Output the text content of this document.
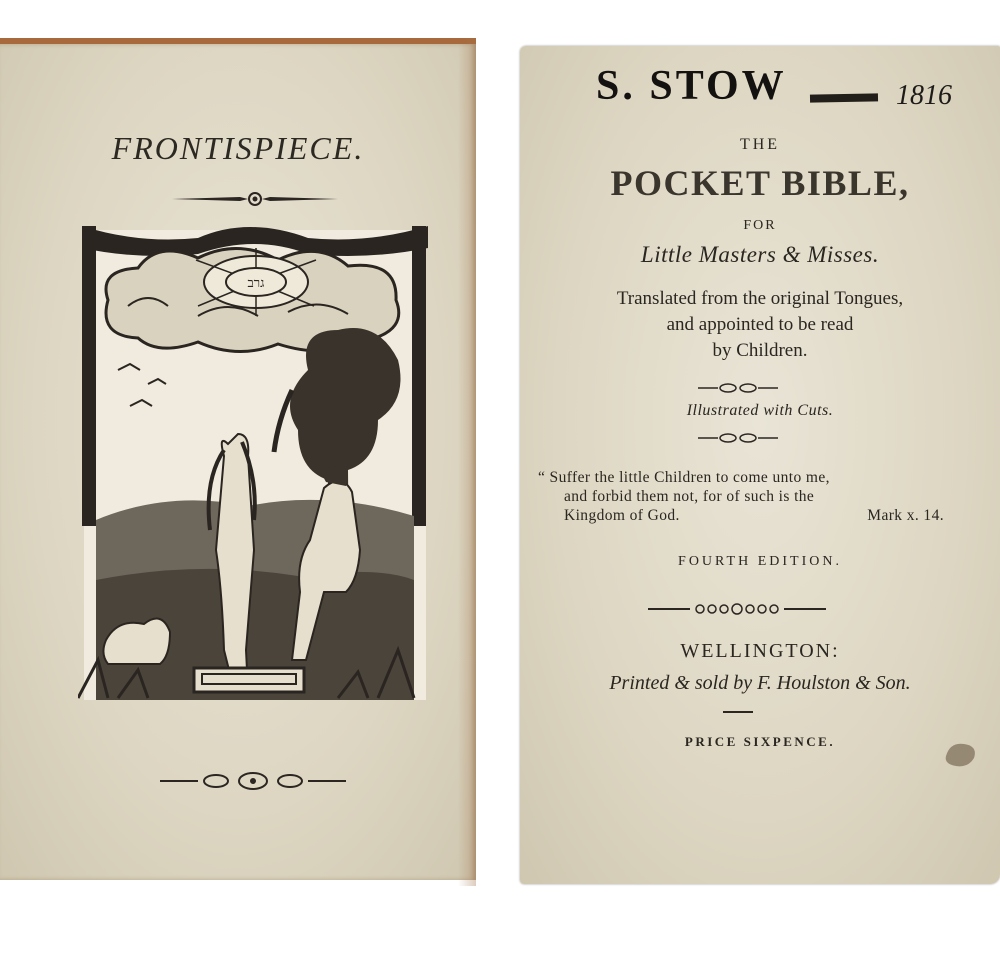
FRONTISPIECE.
גרב
S. STOW	1816
THE
POCKET BIBLE,
FOR
Little Masters & Misses.
Translated from the original Tongues,
and appointed to be read
by Children.
Illustrated with Cuts.
“ Suffer the little Children to come unto me,
and forbid them not, for of such is the
Kingdom of God.	Mark x. 14.
FOURTH EDITION.
WELLINGTON:
Printed & sold by F. Houlston & Son.
PRICE SIXPENCE.
